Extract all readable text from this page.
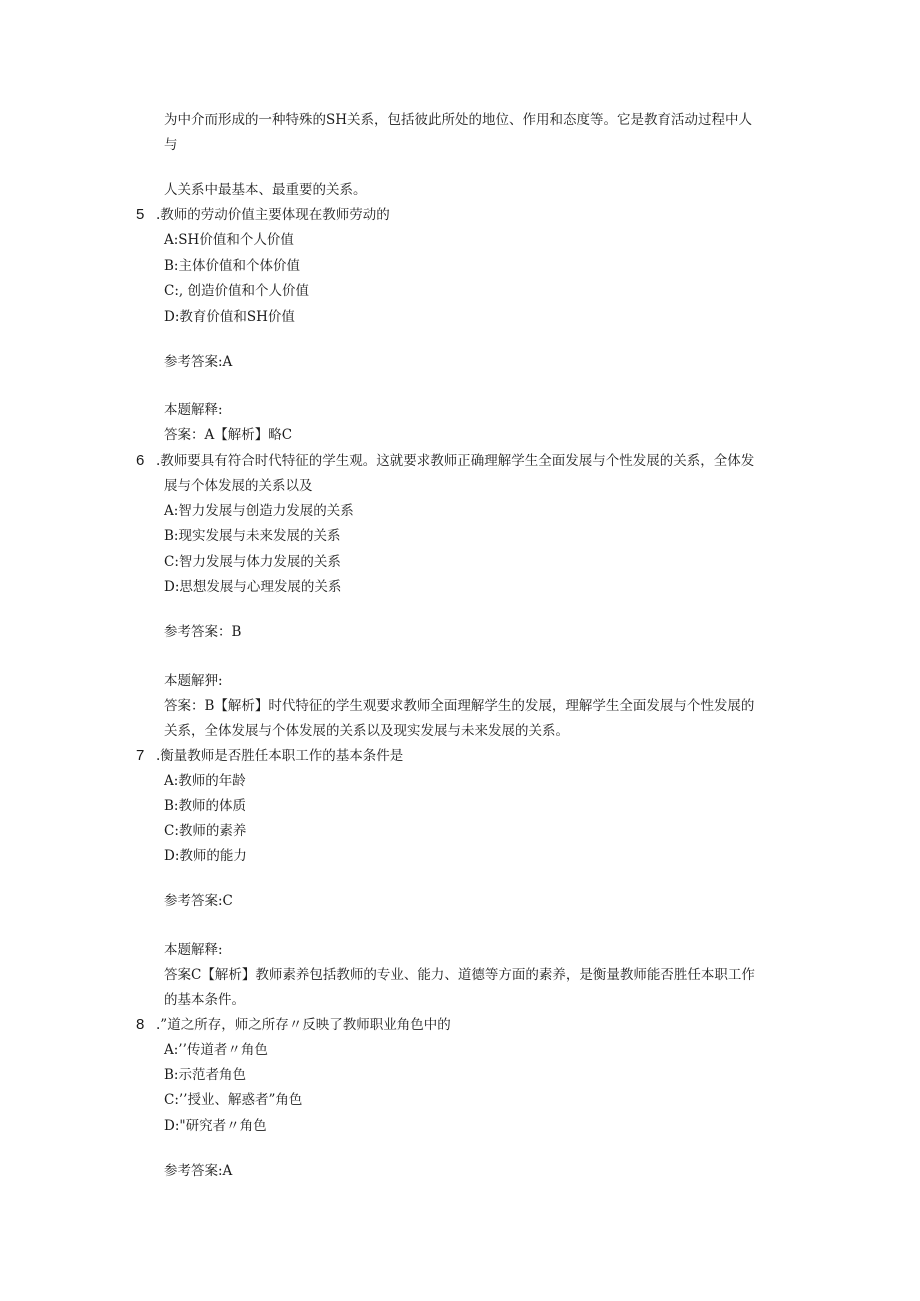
为中介而形成的一种特殊的SH关系，包括彼此所处的地位、作用和态度等。它是教育活动过程中人
与
人关系中最基本、最重要的关系。
5 .教师的劳动价值主要体现在教师劳动的
A:SH价值和个人价值
B:主体价值和个体价值
C:, 创造价值和个人价值
D:教育价值和SH价值
参考答案:A
本题解释:
答案：A【解析】略C
6 .教师要具有符合时代特征的学生观。这就要求教师正确理解学生全面发展与个性发展的关系，全体发
展与个体发展的关系以及
A:智力发展与创造力发展的关系
B:现实发展与未来发展的关系
C:智力发展与体力发展的关系
D:思想发展与心理发展的关系
参考答案：B
本题解狎:
答案：B【解析】时代特征的学生观要求教师全面理解学生的发展，理解学生全面发展与个性发展的
关系，全体发展与个体发展的关系以及现实发展与未来发展的关系。
7 .衡量教师是否胜任本职工作的基本条件是
A:教师的年龄
B:教师的体质
C:教师的素养
D:教师的能力
参考答案:C
本题解释:
答案C【解析】教师素养包括教师的专业、能力、道德等方面的素养，是衡量教师能否胜任本职工作
的基本条件。
8 .”道之所存，师之所存〃反映了教师职业角色中的
A:’’传道者〃角色
B:示范者角色
C:’’授业、解惑者”角色
D:"研究者〃角色
参考答案:A
